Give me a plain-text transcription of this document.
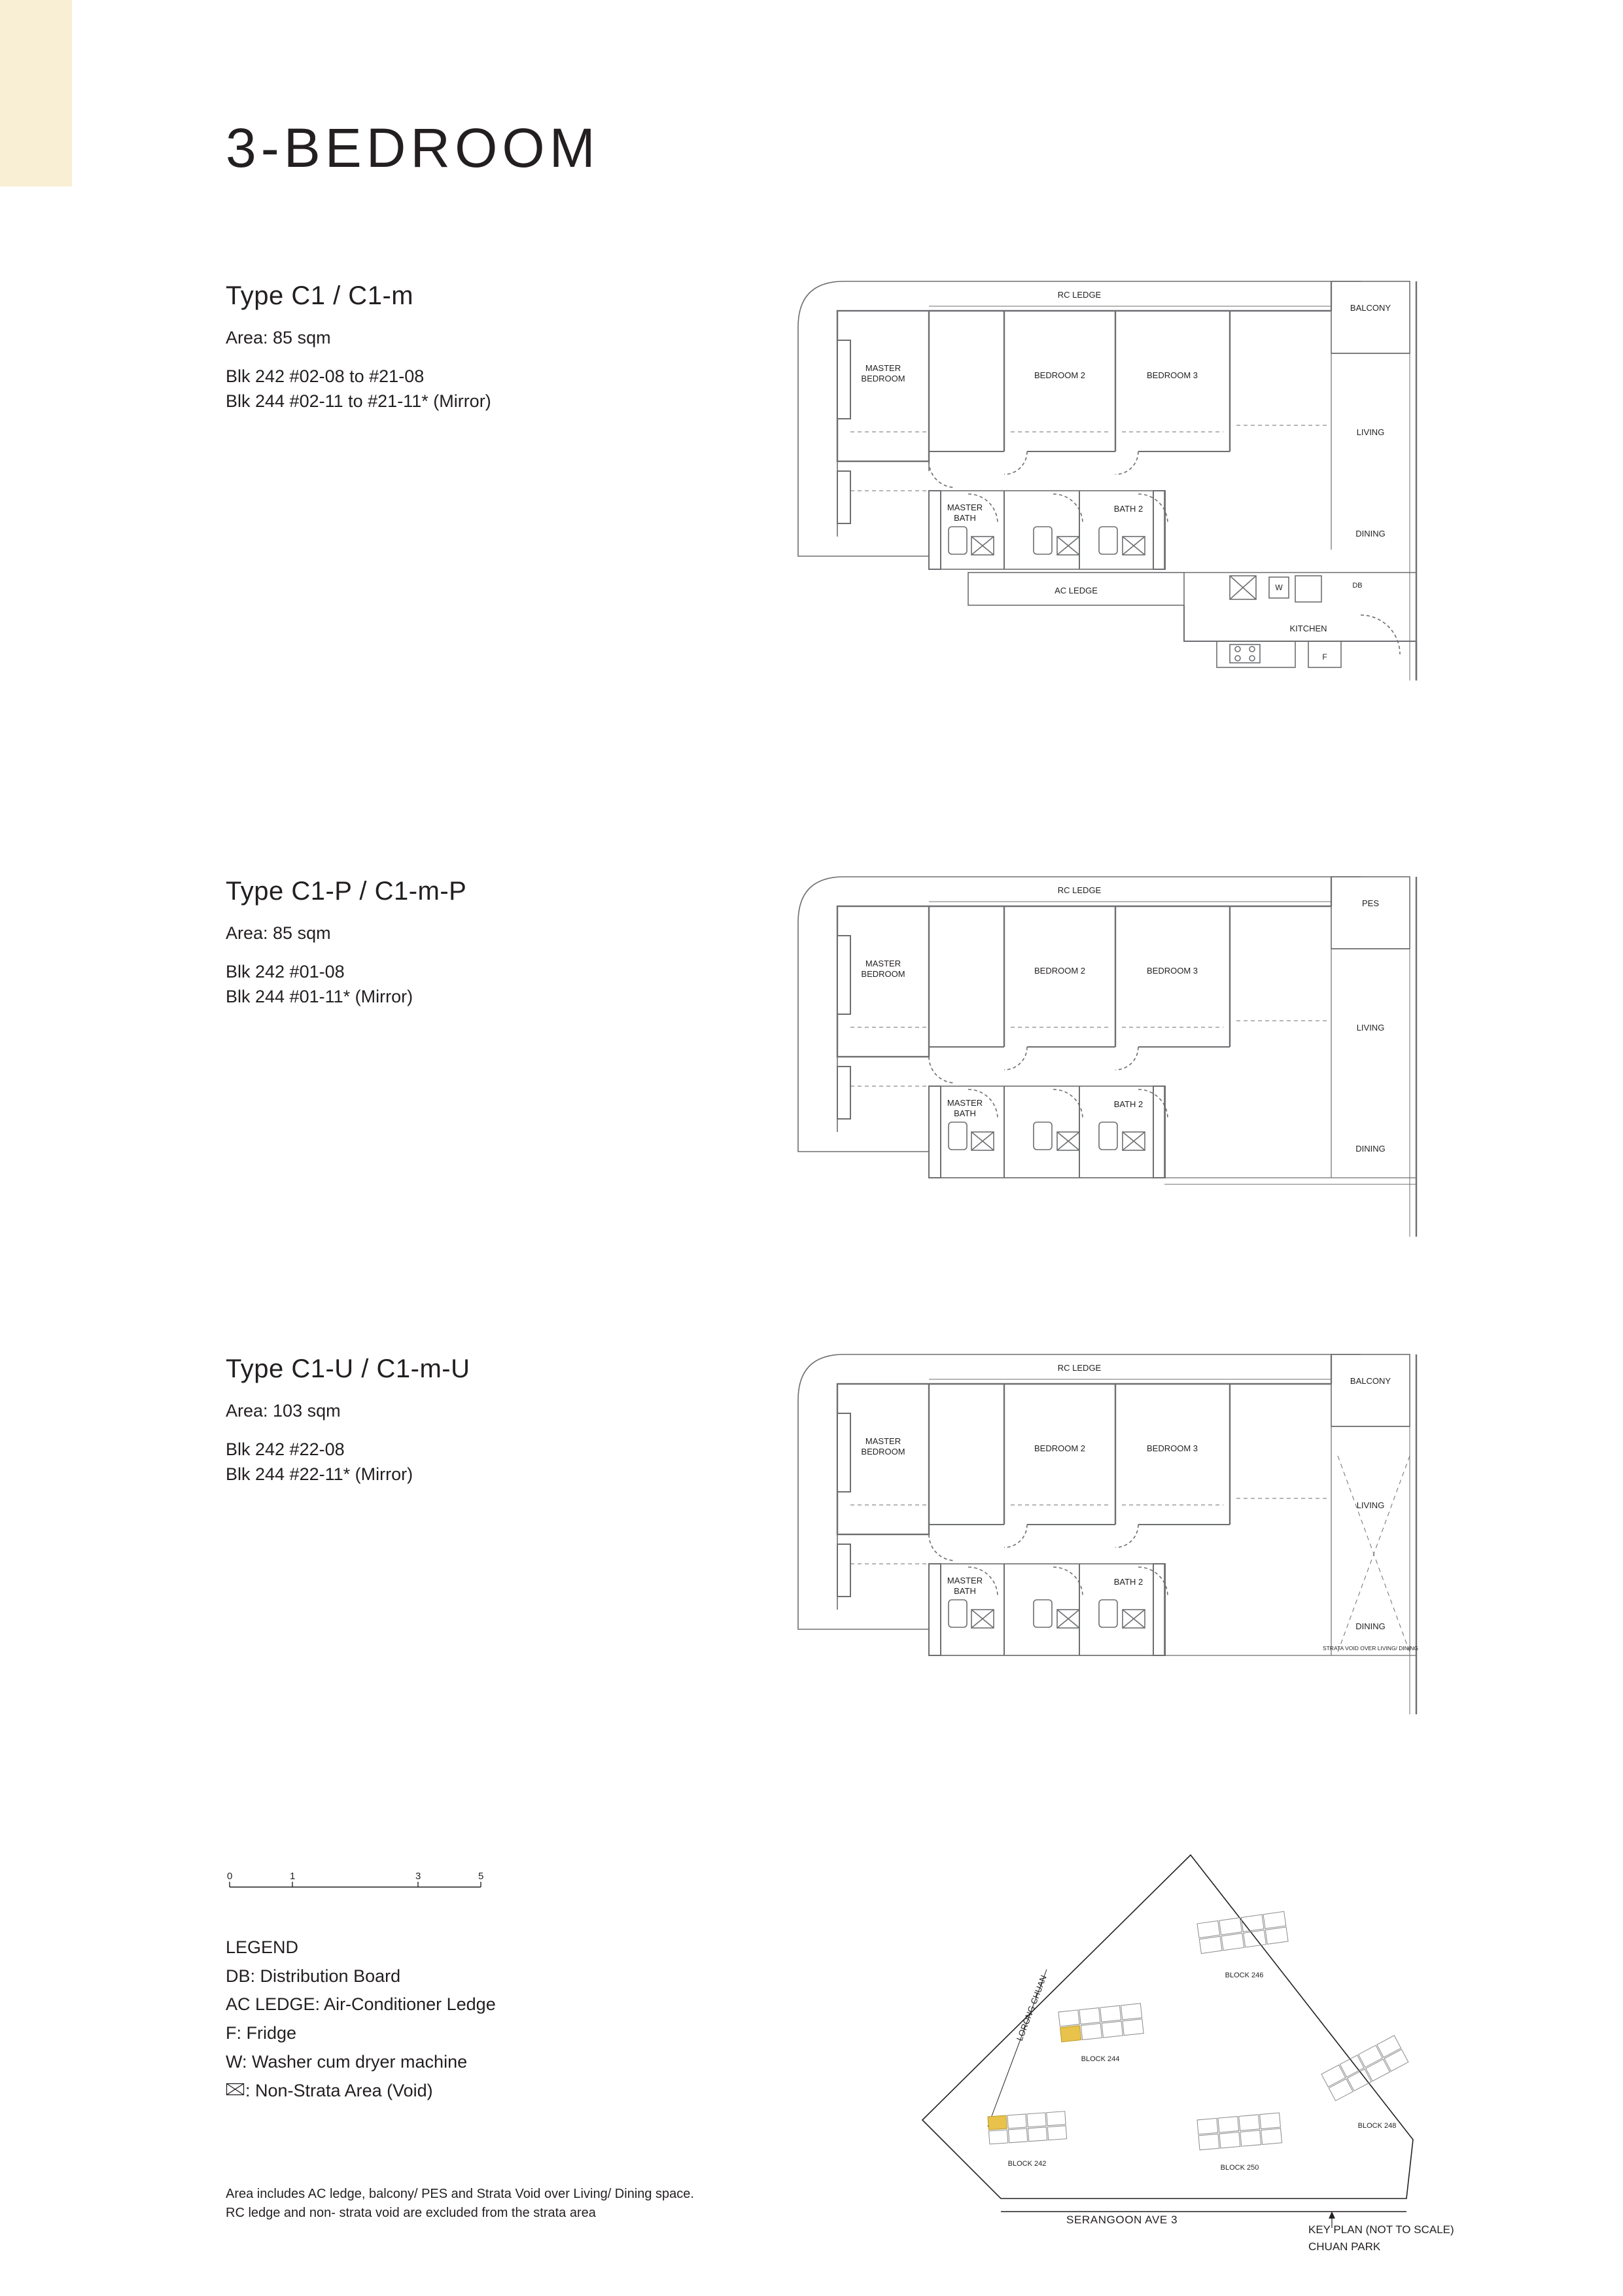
3-BEDROOM
Type C1 / C1-m
Area: 85 sqm
Blk 242 #02-08 to #21-08
Blk 244 #02-11 to #21-11* (Mirror)
RC LEDGE
BALCONY
MASTER
BEDROOM	BEDROOM 2	BEDROOM 3
LIVING
MASTER
BATH
BATH 2
DINING
AC LEDGE
KITCHEN
W	DB
F
Type C1-P / C1-m-P
Area: 85 sqm
Blk 242 #01-08
Blk 244 #01-11* (Mirror)
RC LEDGE
PES
MASTER
BEDROOM	BEDROOM 2	BEDROOM 3
LIVING
MASTER
BATH
BATH 2
DINING
Type C1-U / C1-m-U
Area: 103 sqm
Blk 242 #22-08
Blk 244 #22-11* (Mirror)
RC LEDGE
BALCONY
MASTER
BEDROOM	BEDROOM 2	BEDROOM 3
LIVING
MASTER
BATH
BATH 2
DINING
STRATA VOID OVER LIVING/ DINING
0	1	3	5
LEGEND
DB: Distribution Board
AC LEDGE: Air-Conditioner Ledge
F: Fridge
W: Washer cum dryer machine
: Non-Strata Area (Void)
Area includes AC ledge, balcony/ PES and Strata Void over Living/ Dining space.
RC ledge and non- strata void are excluded from the strata area
BLOCK 246
BLOCK 244
BLOCK 248
BLOCK 242	BLOCK 250
LORONG CHUAN
SERANGOON AVE 3
KEY PLAN (NOT TO SCALE)
CHUAN PARK
